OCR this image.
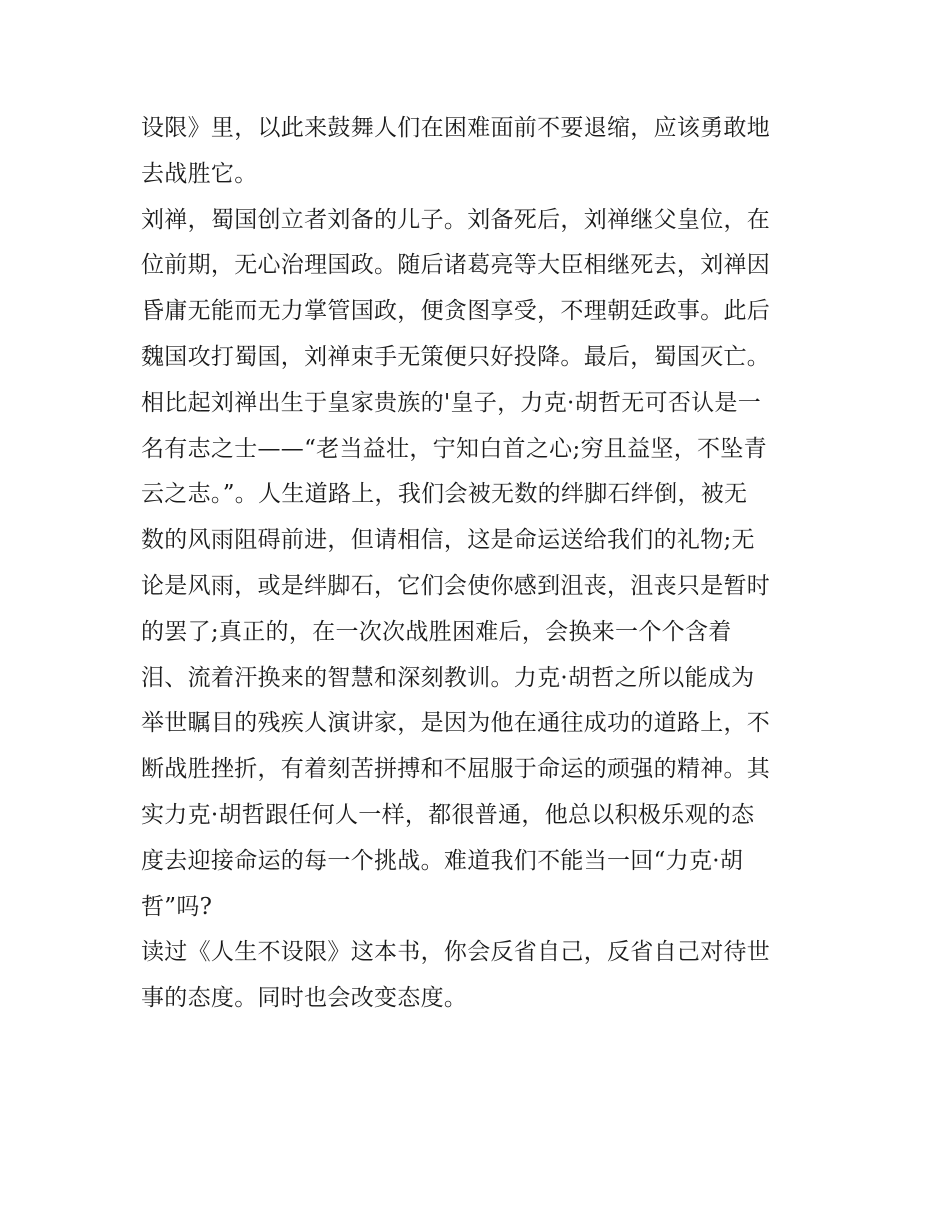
设限》里，以此来鼓舞人们在困难面前不要退缩，应该勇敢地
去战胜它。
刘禅，蜀国创立者刘备的儿子。刘备死后，刘禅继父皇位，在
位前期，无心治理国政。随后诸葛亮等大臣相继死去，刘禅因
昏庸无能而无力掌管国政，便贪图享受，不理朝廷政事。此后
魏国攻打蜀国，刘禅束手无策便只好投降。最后，蜀国灭亡。
相比起刘禅出生于皇家贵族的'皇子，力克·胡哲无可否认是一
名有志之士——“老当益壮，宁知白首之心;穷且益坚，不坠青
云之志。”。人生道路上，我们会被无数的绊脚石绊倒，被无
数的风雨阻碍前进，但请相信，这是命运送给我们的礼物;无
论是风雨，或是绊脚石，它们会使你感到沮丧，沮丧只是暂时
的罢了;真正的，在一次次战胜困难后，会换来一个个含着
泪、流着汗换来的智慧和深刻教训。力克·胡哲之所以能成为
举世瞩目的残疾人演讲家，是因为他在通往成功的道路上，不
断战胜挫折，有着刻苦拼搏和不屈服于命运的顽强的精神。其
实力克·胡哲跟任何人一样，都很普通，他总以积极乐观的态
度去迎接命运的每一个挑战。难道我们不能当一回“力克·胡
哲”吗?
读过《人生不设限》这本书，你会反省自己，反省自己对待世
事的态度。同时也会改变态度。
